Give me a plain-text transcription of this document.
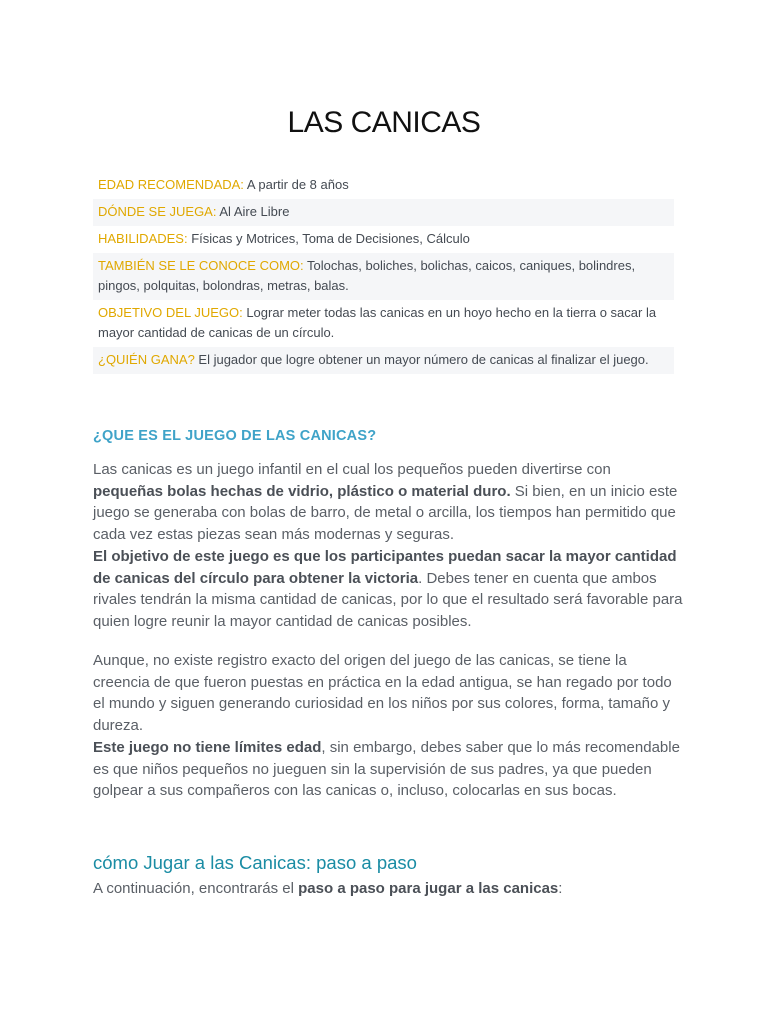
LAS CANICAS
EDAD RECOMENDADA: A partir de 8 años
DÓNDE SE JUEGA: Al Aire Libre
HABILIDADES: Físicas y Motrices, Toma de Decisiones, Cálculo
TAMBIÉN SE LE CONOCE COMO: Tolochas, boliches, bolichas, caicos, caniques, bolindres, pingos, polquitas, bolondras, metras, balas.
OBJETIVO DEL JUEGO: Lograr meter todas las canicas en un hoyo hecho en la tierra o sacar la mayor cantidad de canicas de un círculo.
¿QUIÉN GANA? El jugador que logre obtener un mayor número de canicas al finalizar el juego.
¿QUE ES EL JUEGO DE LAS CANICAS?

Las canicas es un juego infantil en el cual los pequeños pueden divertirse con pequeñas bolas hechas de vidrio, plástico o material duro. Si bien, en un inicio este juego se generaba con bolas de barro, de metal o arcilla, los tiempos han permitido que cada vez estas piezas sean más modernas y seguras.
El objetivo de este juego es que los participantes puedan sacar la mayor cantidad de canicas del círculo para obtener la victoria. Debes tener en cuenta que ambos rivales tendrán la misma cantidad de canicas, por lo que el resultado será favorable para quien logre reunir la mayor cantidad de canicas posibles.

Aunque, no existe registro exacto del origen del juego de las canicas, se tiene la creencia de que fueron puestas en práctica en la edad antigua, se han regado por todo el mundo y siguen generando curiosidad en los niños por sus colores, forma, tamaño y dureza.
Este juego no tiene límites edad, sin embargo, debes saber que lo más recomendable es que niños pequeños no jueguen sin la supervisión de sus padres, ya que pueden golpear a sus compañeros con las canicas o, incluso, colocarlas en sus bocas.

cómo Jugar a las Canicas: paso a paso

A continuación, encontrarás el paso a paso para jugar a las canicas:
